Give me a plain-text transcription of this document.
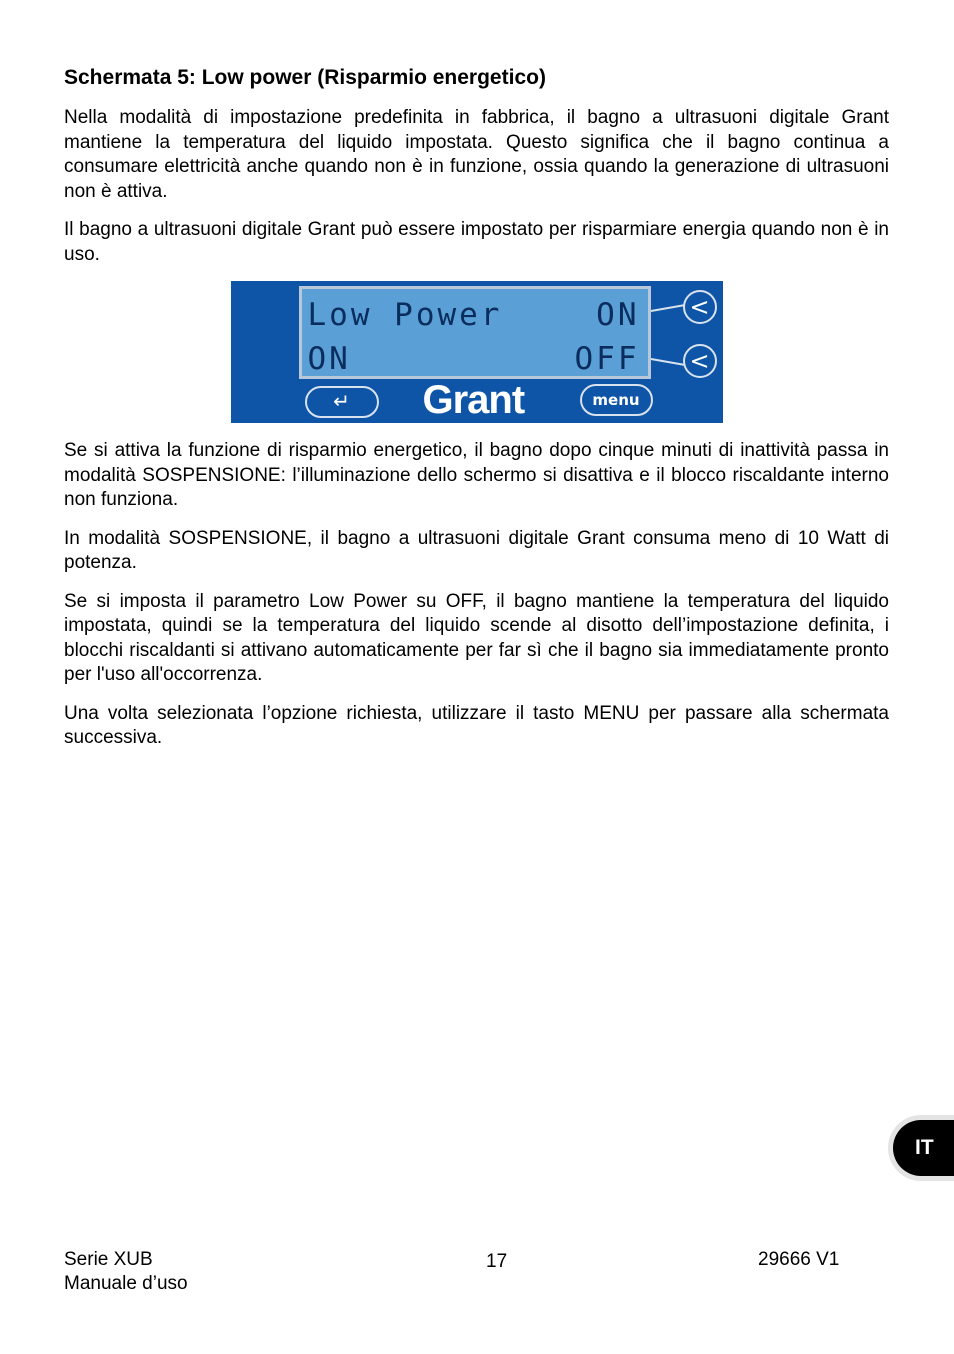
Schermata 5: Low power (Risparmio energetico)

Nella modalità di impostazione predefinita in fabbrica, il bagno a ultrasuoni digitale Grant mantiene la temperatura del liquido impostata. Questo significa che il bagno continua a consumare elettricità anche quando non è in funzione, ossia quando la generazione di ultrasuoni non è attiva.

Il bagno a ultrasuoni digitale Grant può essere impostato per risparmiare energia quando non è in uso.

Low Power	ON
ON	OFF
<
<
↵	Grant	menu

Se si attiva la funzione di risparmio energetico, il bagno dopo cinque minuti di inattività passa in modalità SOSPENSIONE: l’illuminazione dello schermo si disattiva e il blocco riscaldante interno non funziona.

In modalità SOSPENSIONE, il bagno a ultrasuoni digitale Grant consuma meno di 10 Watt di potenza.

Se si imposta il parametro Low Power su OFF, il bagno mantiene la temperatura del liquido impostata, quindi se la temperatura del liquido scende al disotto dell’impostazione definita, i blocchi riscaldanti si attivano automaticamente per far sì che il bagno sia immediatamente pronto per l'uso all'occorrenza.

Una volta selezionata l’opzione richiesta, utilizzare il tasto MENU per passare alla schermata successiva.

IT
Serie XUB
Manuale d’uso
17	29666 V1
